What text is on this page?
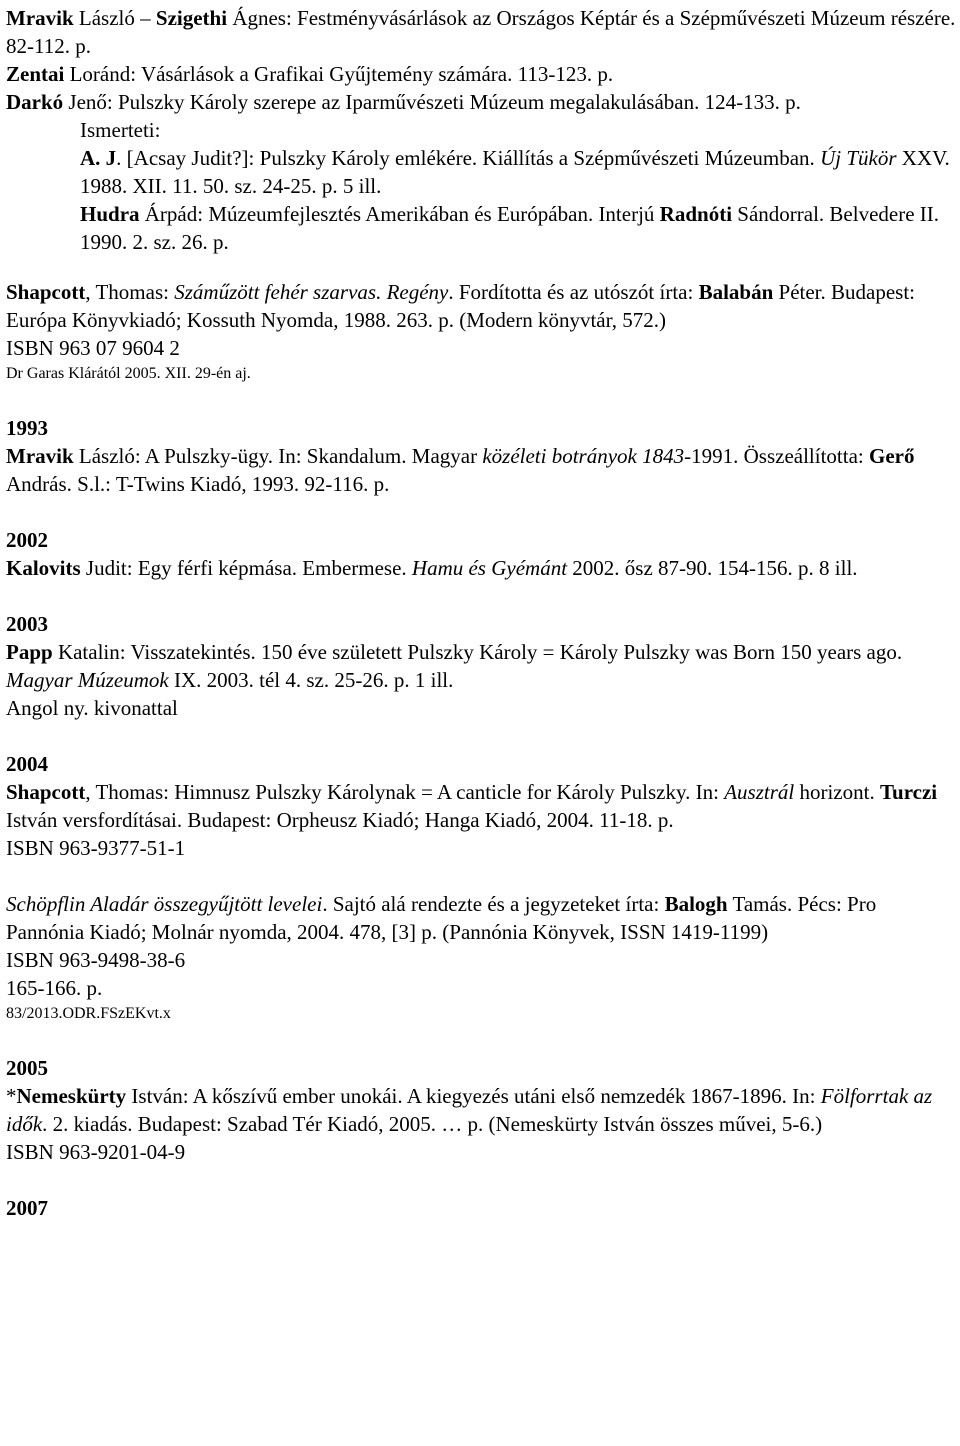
Mravik László – Szigethi Ágnes: Festményvásárlások az Országos Képtár és a Szépművészeti Múzeum részére. 82-112. p.

Zentai Loránd: Vásárlások a Grafikai Gyűjtemény számára. 113-123. p.

Darkó Jenő: Pulszky Károly szerepe az Iparművészeti Múzeum megalakulásában. 124-133. p.

Ismerteti:

A. J. [Acsay Judit?]: Pulszky Károly emlékére. Kiállítás a Szépművészeti Múzeumban. Új Tükör XXV. 1988. XII. 11. 50. sz. 24-25. p. 5 ill.

Hudra Árpád: Múzeumfejlesztés Amerikában és Európában. Interjú Radnóti Sándorral. Belvedere II. 1990. 2. sz. 26. p.

Shapcott, Thomas: Száműzött fehér szarvas. Regény. Fordította és az utószót írta: Balabán Péter. Budapest: Európa Könyvkiadó; Kossuth Nyomda, 1988. 263. p. (Modern könyvtár, 572.)

ISBN 963 07 9604 2

Dr Garas Klárától 2005. XII. 29-én aj.

1993

Mravik László: A Pulszky-ügy. In: Skandalum. Magyar közéleti botrányok 1843-1991. Összeállította: Gerő András. S.l.: T-Twins Kiadó, 1993. 92-116. p.

2002

Kalovits Judit: Egy férfi képmása. Embermese. Hamu és Gyémánt 2002. ősz 87-90. 154-156. p. 8 ill.

2003

Papp Katalin: Visszatekintés. 150 éve született Pulszky Károly = Károly Pulszky was Born 150 years ago. Magyar Múzeumok IX. 2003. tél 4. sz. 25-26. p. 1 ill.

Angol ny. kivonattal

2004

Shapcott, Thomas: Himnusz Pulszky Károlynak = A canticle for Károly Pulszky. In: Ausztrál horizont. Turczi István versfordításai. Budapest: Orpheusz Kiadó; Hanga Kiadó, 2004. 11-18. p.

ISBN 963-9377-51-1

Schöpflin Aladár összegyűjtött levelei. Sajtó alá rendezte és a jegyzeteket írta: Balogh Tamás. Pécs: Pro Pannónia Kiadó; Molnár nyomda, 2004. 478, [3] p. (Pannónia Könyvek, ISSN 1419-1199)

ISBN 963-9498-38-6

165-166. p.

83/2013.ODR.FSzEKvt.x

2005

*Nemeskürty István: A kőszívű ember unokái. A kiegyezés utáni első nemzedék 1867-1896. In: Fölforrtak az idők. 2. kiadás. Budapest: Szabad Tér Kiadó, 2005. … p. (Nemeskürty István összes művei, 5-6.)

ISBN 963-9201-04-9

2007
